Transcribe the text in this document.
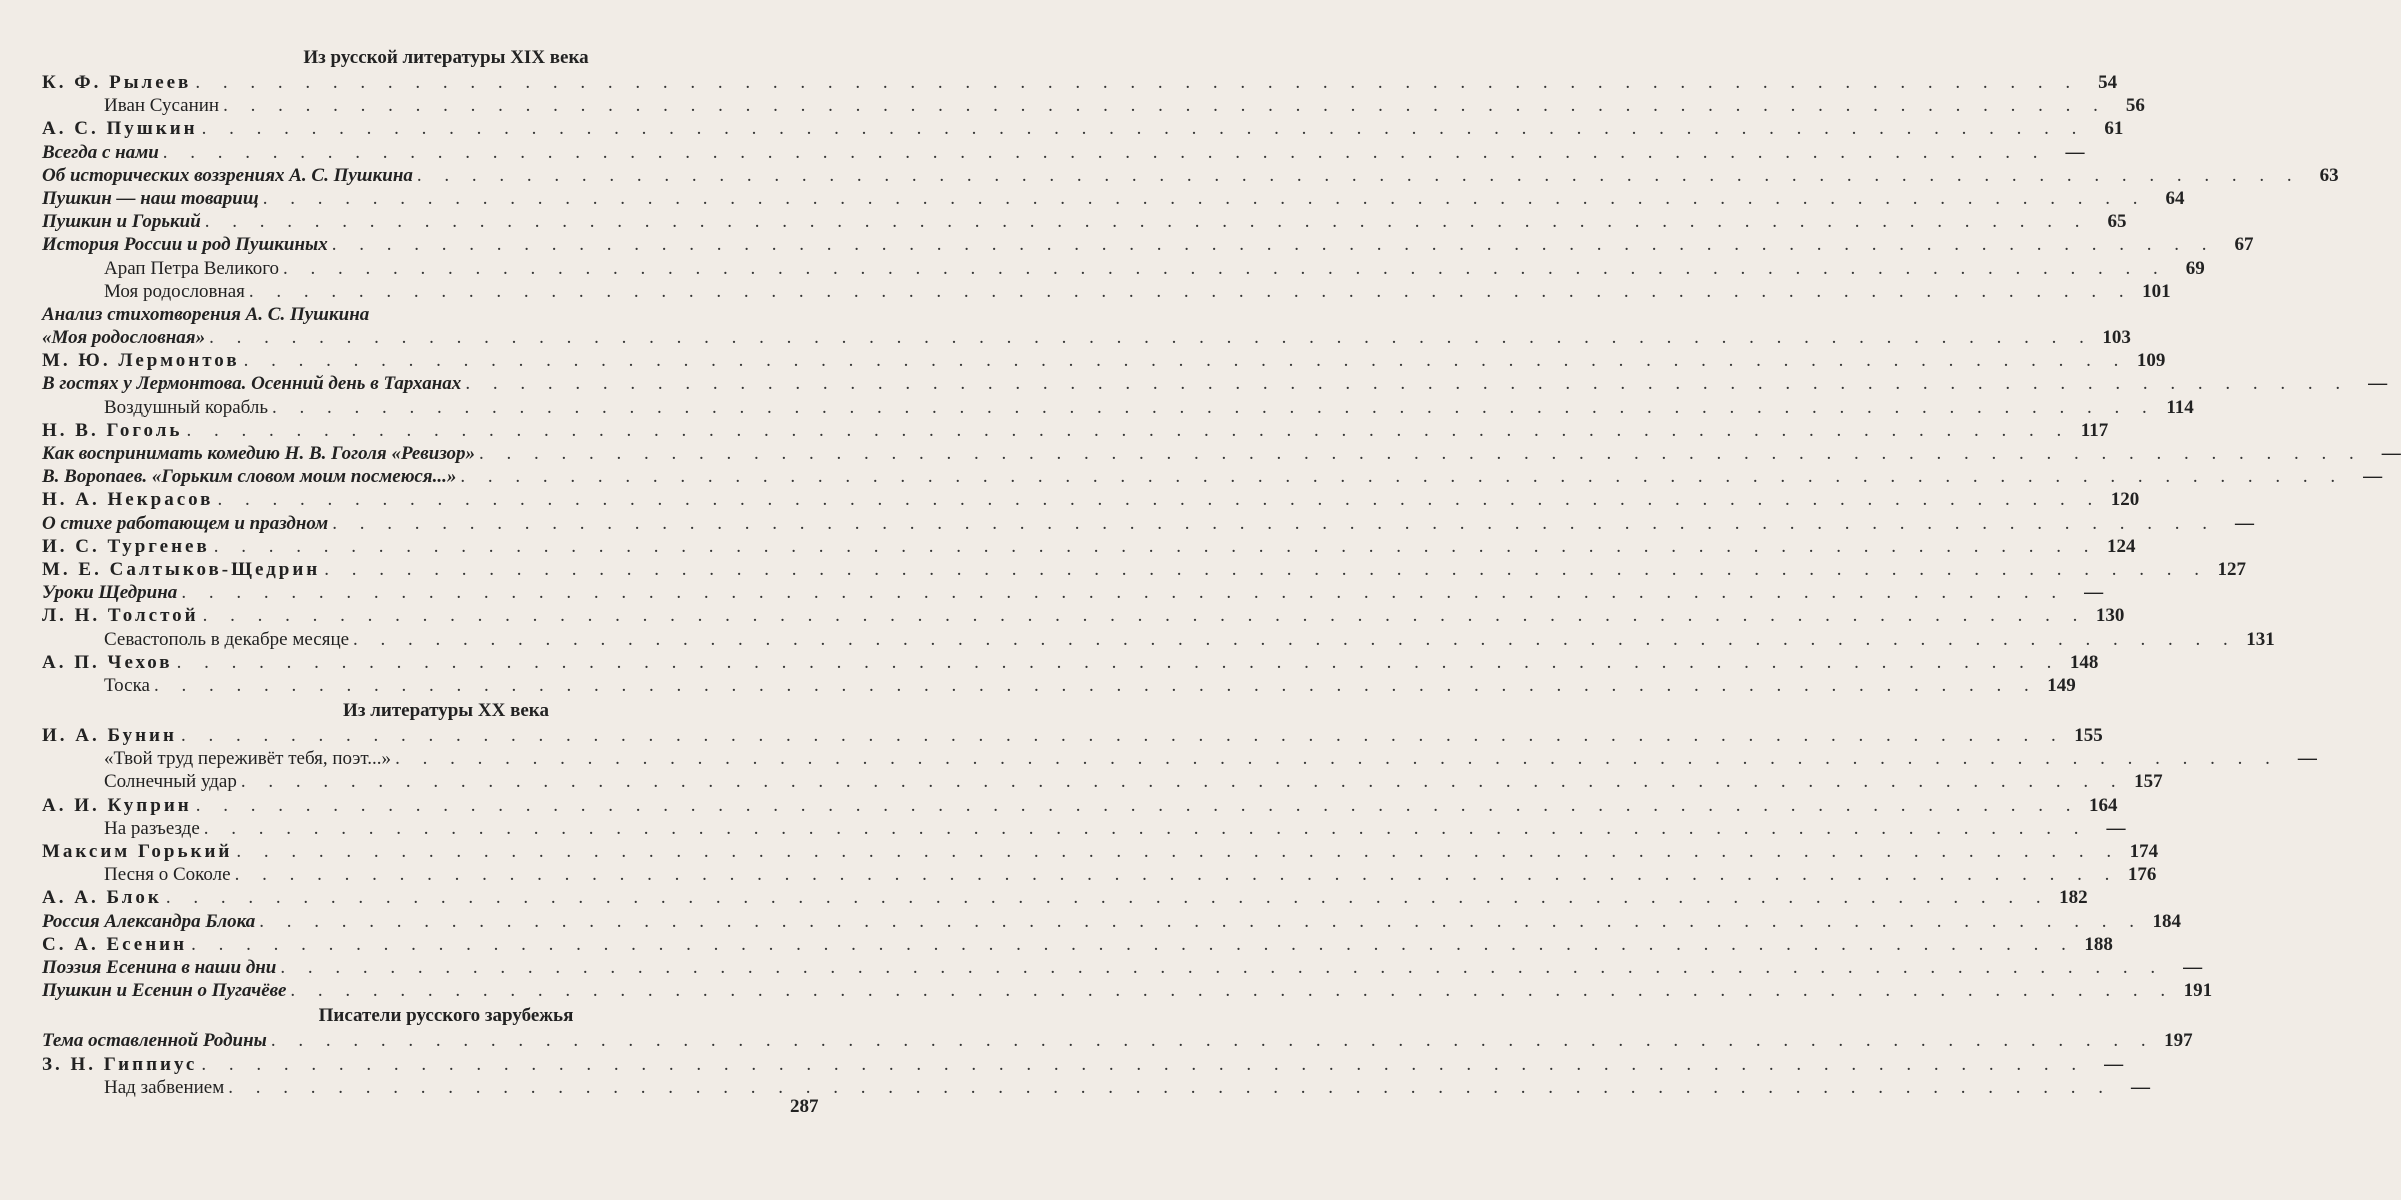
Из русской литературы XIX века
К. Ф. Рылеев . . . . . . . . . . . . . . . . . . . . . . . . . . . . . . . . . . . . . . . . . . . . . . . . . . . . . . . . . . . . . . . . . . . . .	54
Иван Сусанин . . . . . . . . . . . . . . . . . . . . . . . . . . . . . . . . . . . . . . . . . . . . . . . . . . . . . . . . . . . . . . . . . . . . .	56
А. С. Пушкин . . . . . . . . . . . . . . . . . . . . . . . . . . . . . . . . . . . . . . . . . . . . . . . . . . . . . . . . . . . . . . . . . . . . .	61
Всегда с нами . . . . . . . . . . . . . . . . . . . . . . . . . . . . . . . . . . . . . . . . . . . . . . . . . . . . . . . . . . . . . . . . . . . . .	—
Об исторических воззрениях А. С. Пушкина . . . . . . . . . . . . . . . . . . . . . . . . . . . . . . . . . . . . . . . . . . . . . . . . . . . . . . . . . . . . . . . . . . . . .	63
Пушкин — наш товарищ . . . . . . . . . . . . . . . . . . . . . . . . . . . . . . . . . . . . . . . . . . . . . . . . . . . . . . . . . . . . . . . . . . . . .	64
Пушкин и Горький . . . . . . . . . . . . . . . . . . . . . . . . . . . . . . . . . . . . . . . . . . . . . . . . . . . . . . . . . . . . . . . . . . . . .	65
История России и род Пушкиных . . . . . . . . . . . . . . . . . . . . . . . . . . . . . . . . . . . . . . . . . . . . . . . . . . . . . . . . . . . . . . . . . . . . .	67
Арап Петра Великого . . . . . . . . . . . . . . . . . . . . . . . . . . . . . . . . . . . . . . . . . . . . . . . . . . . . . . . . . . . . . . . . . . . . .	69
Моя родословная . . . . . . . . . . . . . . . . . . . . . . . . . . . . . . . . . . . . . . . . . . . . . . . . . . . . . . . . . . . . . . . . . . . . . 101
Анализ стихотворения А. С. Пушкина
«Моя родословная» . . . . . . . . . . . . . . . . . . . . . . . . . . . . . . . . . . . . . . . . . . . . . . . . . . . . . . . . . . . . . . . . . . . . . 103
М. Ю. Лермонтов . . . . . . . . . . . . . . . . . . . . . . . . . . . . . . . . . . . . . . . . . . . . . . . . . . . . . . . . . . . . . . . . . . . . . 109
В гостях у Лермонтова. Осенний день в Тарханах . . . . . . . . . . . . . . . . . . . . . . . . . . . . . . . . . . . . . . . . . . . . . . . . . . . . . . . . . . . . . . . . . . . . .	—
Воздушный корабль . . . . . . . . . . . . . . . . . . . . . . . . . . . . . . . . . . . . . . . . . . . . . . . . . . . . . . . . . . . . . . . . . . . . . 114
Н. В. Гоголь . . . . . . . . . . . . . . . . . . . . . . . . . . . . . . . . . . . . . . . . . . . . . . . . . . . . . . . . . . . . . . . . . . . . . 117
Как воспринимать комедию Н. В. Гоголя «Ревизор» . . . . . . . . . . . . . . . . . . . . . . . . . . . . . . . . . . . . . . . . . . . . . . . . . . . . . . . . . . . . . . . . . . . . .	—
В. Воропаев. «Горьким словом моим посмеюся...» . . . . . . . . . . . . . . . . . . . . . . . . . . . . . . . . . . . . . . . . . . . . . . . . . . . . . . . . . . . . . . . . . . . . .	—
Н. А. Некрасов . . . . . . . . . . . . . . . . . . . . . . . . . . . . . . . . . . . . . . . . . . . . . . . . . . . . . . . . . . . . . . . . . . . . . 120
О стихе работающем и праздном . . . . . . . . . . . . . . . . . . . . . . . . . . . . . . . . . . . . . . . . . . . . . . . . . . . . . . . . . . . . . . . . . . . . .	—
И. С. Тургенев . . . . . . . . . . . . . . . . . . . . . . . . . . . . . . . . . . . . . . . . . . . . . . . . . . . . . . . . . . . . . . . . . . . . . 124
М. Е. Салтыков-Щедрин . . . . . . . . . . . . . . . . . . . . . . . . . . . . . . . . . . . . . . . . . . . . . . . . . . . . . . . . . . . . . . . . . . . . . 127
Уроки Щедрина . . . . . . . . . . . . . . . . . . . . . . . . . . . . . . . . . . . . . . . . . . . . . . . . . . . . . . . . . . . . . . . . . . . . .	—
Л. Н. Толстой . . . . . . . . . . . . . . . . . . . . . . . . . . . . . . . . . . . . . . . . . . . . . . . . . . . . . . . . . . . . . . . . . . . . . 130
Севастополь в декабре месяце . . . . . . . . . . . . . . . . . . . . . . . . . . . . . . . . . . . . . . . . . . . . . . . . . . . . . . . . . . . . . . . . . . . . . 131
А. П. Чехов . . . . . . . . . . . . . . . . . . . . . . . . . . . . . . . . . . . . . . . . . . . . . . . . . . . . . . . . . . . . . . . . . . . . . 148
Тоска . . . . . . . . . . . . . . . . . . . . . . . . . . . . . . . . . . . . . . . . . . . . . . . . . . . . . . . . . . . . . . . . . . . . . 149
Из литературы XX века
И. А. Бунин . . . . . . . . . . . . . . . . . . . . . . . . . . . . . . . . . . . . . . . . . . . . . . . . . . . . . . . . . . . . . . . . . . . . . 155
«Твой труд переживёт тебя, поэт...» . . . . . . . . . . . . . . . . . . . . . . . . . . . . . . . . . . . . . . . . . . . . . . . . . . . . . . . . . . . . . . . . . . . . .	—
Солнечный удар . . . . . . . . . . . . . . . . . . . . . . . . . . . . . . . . . . . . . . . . . . . . . . . . . . . . . . . . . . . . . . . . . . . . . 157
А. И. Куприн . . . . . . . . . . . . . . . . . . . . . . . . . . . . . . . . . . . . . . . . . . . . . . . . . . . . . . . . . . . . . . . . . . . . . 164
На разъезде . . . . . . . . . . . . . . . . . . . . . . . . . . . . . . . . . . . . . . . . . . . . . . . . . . . . . . . . . . . . . . . . . . . . .	—
Максим Горький . . . . . . . . . . . . . . . . . . . . . . . . . . . . . . . . . . . . . . . . . . . . . . . . . . . . . . . . . . . . . . . . . . . . . 174
Песня о Соколе . . . . . . . . . . . . . . . . . . . . . . . . . . . . . . . . . . . . . . . . . . . . . . . . . . . . . . . . . . . . . . . . . . . . . 176
А. А. Блок . . . . . . . . . . . . . . . . . . . . . . . . . . . . . . . . . . . . . . . . . . . . . . . . . . . . . . . . . . . . . . . . . . . . . 182
Россия Александра Блока . . . . . . . . . . . . . . . . . . . . . . . . . . . . . . . . . . . . . . . . . . . . . . . . . . . . . . . . . . . . . . . . . . . . . 184
С. А. Есенин . . . . . . . . . . . . . . . . . . . . . . . . . . . . . . . . . . . . . . . . . . . . . . . . . . . . . . . . . . . . . . . . . . . . . 188
Поэзия Есенина в наши дни . . . . . . . . . . . . . . . . . . . . . . . . . . . . . . . . . . . . . . . . . . . . . . . . . . . . . . . . . . . . . . . . . . . . .	—
Пушкин и Есенин о Пугачёве . . . . . . . . . . . . . . . . . . . . . . . . . . . . . . . . . . . . . . . . . . . . . . . . . . . . . . . . . . . . . . . . . . . . . 191
Писатели русского зарубежья
Тема оставленной Родины . . . . . . . . . . . . . . . . . . . . . . . . . . . . . . . . . . . . . . . . . . . . . . . . . . . . . . . . . . . . . . . . . . . . . 197
З. Н. Гиппиус . . . . . . . . . . . . . . . . . . . . . . . . . . . . . . . . . . . . . . . . . . . . . . . . . . . . . . . . . . . . . . . . . . . . .	—
Над забвением . . . . . . . . . . . . . . . . . . . . . . . . . . . . . . . . . . . . . . . . . . . . . . . . . . . . . . . . . . . . . . . . . . . . .	—
287
